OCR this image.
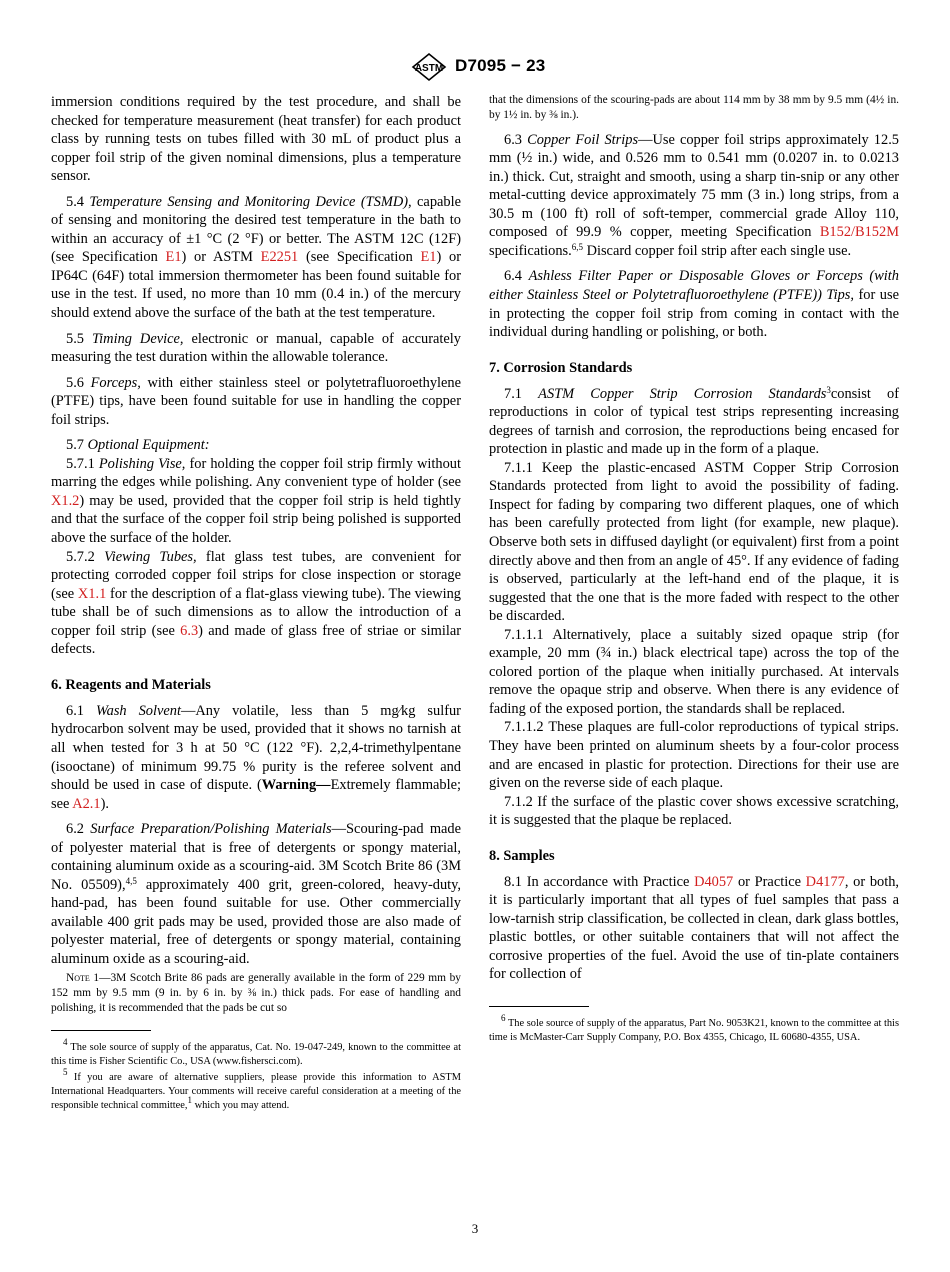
ASTM D7095 − 23

immersion conditions required by the test procedure, and shall be checked for temperature measurement (heat transfer) for each product class by running tests on tubes filled with 30 mL of product plus a copper foil strip of the given nominal dimensions, plus a temperature sensor.

5.4 Temperature Sensing and Monitoring Device (TSMD), capable of sensing and monitoring the desired test temperature in the bath to within an accuracy of ±1 °C (2 °F) or better. The ASTM 12C (12F) (see Specification E1) or ASTM E2251 (see Specification E1) or IP64C (64F) total immersion thermometer has been found suitable for use in the test. If used, no more than 10 mm (0.4 in.) of the mercury should extend above the surface of the bath at the test temperature.

5.5 Timing Device, electronic or manual, capable of accurately measuring the test duration within the allowable tolerance.

5.6 Forceps, with either stainless steel or polytetrafluoroethylene (PTFE) tips, have been found suitable for use in handling the copper foil strips.

5.7 Optional Equipment:

5.7.1 Polishing Vise, for holding the copper foil strip firmly without marring the edges while polishing. Any convenient type of holder (see X1.2) may be used, provided that the copper foil strip is held tightly and that the surface of the copper foil strip being polished is supported above the surface of the holder.

5.7.2 Viewing Tubes, flat glass test tubes, are convenient for protecting corroded copper foil strips for close inspection or storage (see X1.1 for the description of a flat-glass viewing tube). The viewing tube shall be of such dimensions as to allow the introduction of a copper foil strip (see 6.3) and made of glass free of striae or similar defects.

6. Reagents and Materials

6.1 Wash Solvent—Any volatile, less than 5 mg⁄kg sulfur hydrocarbon solvent may be used, provided that it shows no tarnish at all when tested for 3 h at 50 °C (122 °F). 2,2,4-trimethylpentane (isooctane) of minimum 99.75 % purity is the referee solvent and should be used in case of dispute. (Warning—Extremely flammable; see A2.1).

6.2 Surface Preparation/Polishing Materials—Scouring-pad made of polyester material that is free of detergents or spongy material, containing aluminum oxide as a scouring-aid. 3M Scotch Brite 86 (3M No. 05509),$^{4,5}$ approximately 400 grit, green-colored, heavy-duty, hand-pad, has been found suitable for use. Other commercially available 400 grit pads may be used, provided those are also made of polyester material, free of detergents or spongy material, containing aluminum oxide as a scouring-aid.

Note 1—3M Scotch Brite 86 pads are generally available in the form of 229 mm by 152 mm by 9.5 mm (9 in. by 6 in. by ⅜ in.) thick pads. For ease of handling and polishing, it is recommended that the pads be cut so

$^4$ The sole source of supply of the apparatus, Cat. No. 19-047-249, known to the committee at this time is Fisher Scientific Co., USA (www.fishersci.com).

$^5$ If you are aware of alternative suppliers, please provide this information to ASTM International Headquarters. Your comments will receive careful consideration at a meeting of the responsible technical committee,$^1$ which you may attend.

that the dimensions of the scouring-pads are about 114 mm by 38 mm by 9.5 mm (4½ in. by 1½ in. by ⅜ in.).

6.3 Copper Foil Strips—Use copper foil strips approximately 12.5 mm (½ in.) wide, and 0.526 mm to 0.541 mm (0.0207 in. to 0.0213 in.) thick. Cut, straight and smooth, using a sharp tin-snip or any other metal-cutting device approximately 75 mm (3 in.) long strips, from a 30.5 m (100 ft) roll of soft-temper, commercial grade Alloy 110, composed of 99.9 % copper, meeting Specification B152/B152M specifications.$^{6,5}$ Discard copper foil strip after each single use.

6.4 Ashless Filter Paper or Disposable Gloves or Forceps (with either Stainless Steel or Polytetrafluoroethylene (PTFE)) Tips, for use in protecting the copper foil strip from coming in contact with the individual during handling or polishing, or both.

7. Corrosion Standards

7.1 ASTM Copper Strip Corrosion Standards$^3$consist of reproductions in color of typical test strips representing increasing degrees of tarnish and corrosion, the reproductions being encased for protection in plastic and made up in the form of a plaque.

7.1.1 Keep the plastic-encased ASTM Copper Strip Corrosion Standards protected from light to avoid the possibility of fading. Inspect for fading by comparing two different plaques, one of which has been carefully protected from light (for example, new plaque). Observe both sets in diffused daylight (or equivalent) first from a point directly above and then from an angle of 45°. If any evidence of fading is observed, particularly at the left-hand end of the plaque, it is suggested that the one that is the more faded with respect to the other be discarded.

7.1.1.1 Alternatively, place a suitably sized opaque strip (for example, 20 mm (¾ in.) black electrical tape) across the top of the colored portion of the plaque when initially purchased. At intervals remove the opaque strip and observe. When there is any evidence of fading of the exposed portion, the standards shall be replaced.

7.1.1.2 These plaques are full-color reproductions of typical strips. They have been printed on aluminum sheets by a four-color process and are encased in plastic for protection. Directions for their use are given on the reverse side of each plaque.

7.1.2 If the surface of the plastic cover shows excessive scratching, it is suggested that the plaque be replaced.

8. Samples

8.1 In accordance with Practice D4057 or Practice D4177, or both, it is particularly important that all types of fuel samples that pass a low-tarnish strip classification, be collected in clean, dark glass bottles, plastic bottles, or other suitable containers that will not affect the corrosive properties of the fuel. Avoid the use of tin-plate containers for collection of

$^6$ The sole source of supply of the apparatus, Part No. 9053K21, known to the committee at this time is McMaster-Carr Supply Company, P.O. Box 4355, Chicago, IL 60680-4355, USA.

3
